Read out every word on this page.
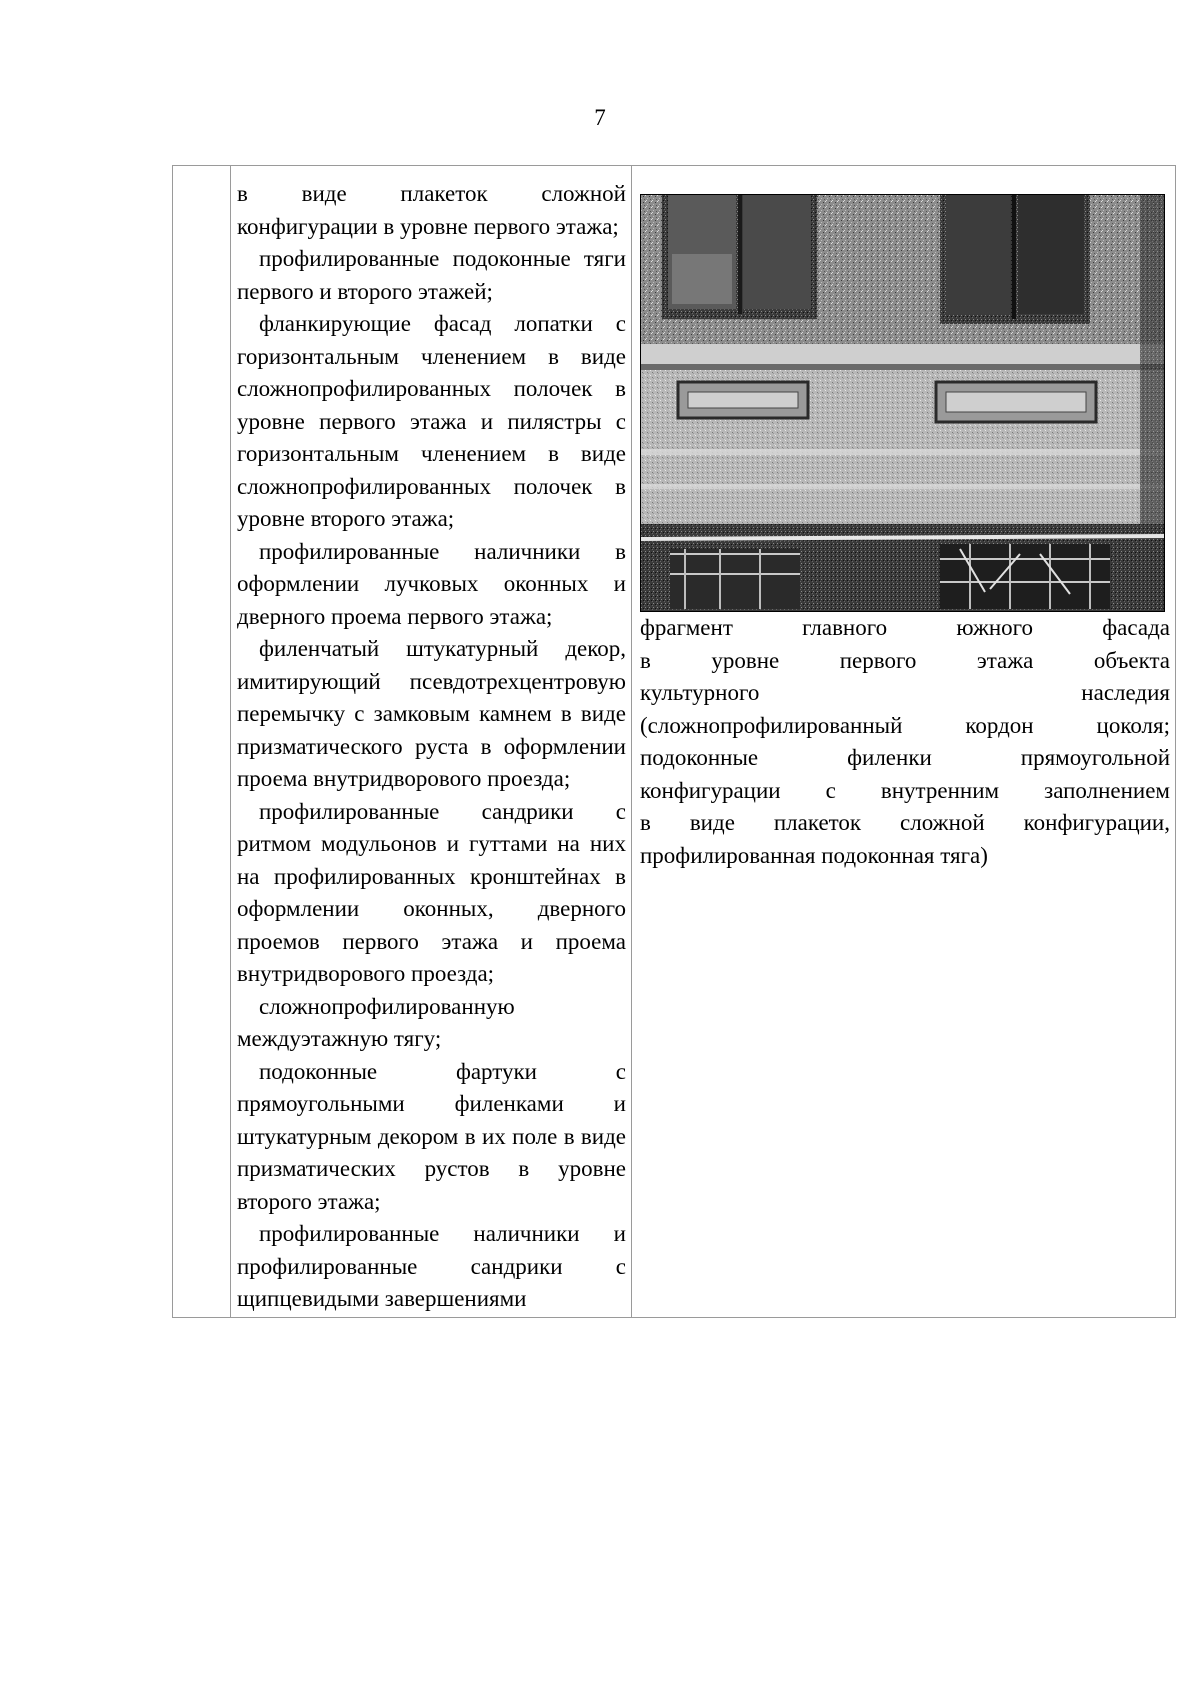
7

в виде плакеток сложной конфигурации в уровне первого этажа;

профилированные подоконные тяги первого и второго этажей;

фланкирующие фасад лопатки с горизонтальным членением в виде сложнопрофилированных полочек в уровне первого этажа и пилястры с горизонтальным членением в виде сложнопрофилированных полочек в уровне второго этажа;

профилированные наличники в оформлении лучковых оконных и дверного проема первого этажа;

филенчатый штукатурный декор, имитирующий псевдотрехцентровую перемычку с замковым камнем в виде призматического руста в оформлении проема внутридворового проезда;

профилированные сандрики с ритмом модульонов и гуттами на них на профилированных кронштейнах в оформлении оконных, дверного проемов первого этажа и проема внутридворового проезда;

сложнопрофилированную междуэтажную тягу;

подоконные фартуки с прямоугольными филенками и штукатурным декором в их поле в виде призматических рустов в уровне второго этажа;

профилированные наличники и профилированные сандрики с щипцевидыми завершениями

фрагмент главного южного фасада
в уровне первого этажа объекта
культурного наследия
(сложнопрофилированный кордон цоколя;
подоконные филенки прямоугольной
конфигурации с внутренним заполнением
в виде плакеток сложной конфигурации,
профилированная подоконная тяга)
